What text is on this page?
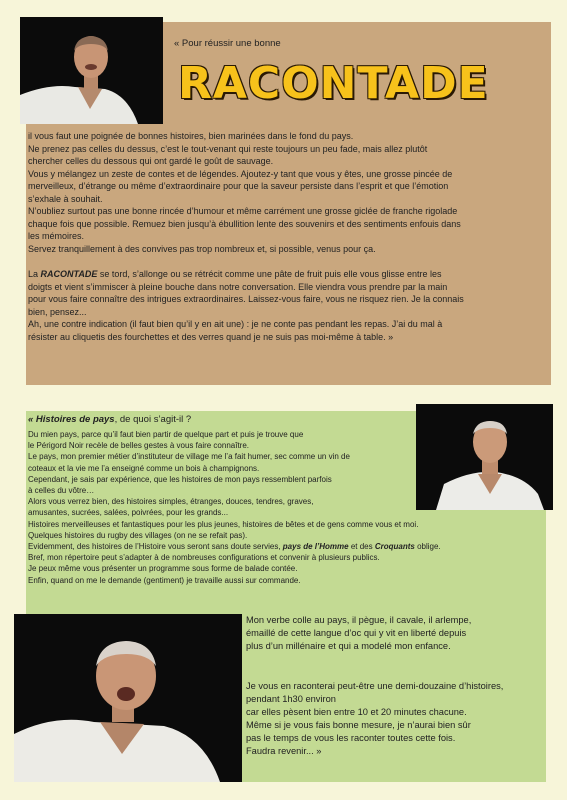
« Pour réussir une bonne
RACONTADE
il vous faut une poignée de bonnes histoires, bien marinées dans le fond du pays.
Ne prenez pas celles du dessus, c’est le tout-venant qui reste toujours un peu fade, mais allez plutôt
chercher celles du dessous qui ont gardé le goût de sauvage.
Vous y mélangez un zeste de contes et de légendes. Ajoutez-y tant que vous y êtes, une grosse pincée de
merveilleux, d’étrange ou même d’extraordinaire pour que la saveur persiste dans l’esprit et que l’émotion
s’exhale à souhait.
N’oubliez surtout pas une bonne rincée d’humour et même carrément une grosse giclée de franche rigolade
chaque fois que possible. Remuez bien jusqu’à ébullition lente des souvenirs et des sentiments enfouis dans
les mémoires.
Servez tranquillement à des convives pas trop nombreux et, si possible, venus pour ça.
La RACONTADE se tord, s’allonge ou se rétrécit comme une pâte de fruit puis elle vous glisse entre les
doigts et vient s’immiscer à pleine bouche dans notre conversation. Elle viendra vous prendre par la main
pour vous faire connaître des intrigues extraordinaires. Laissez-vous faire, vous ne risquez rien. Je la connais
bien, pensez...
Ah, une contre indication (il faut bien qu’il y en ait une) : je ne conte pas pendant les repas. J’ai du mal à
résister au cliquetis des fourchettes et des verres quand je ne suis pas moi-même à table. »
« Histoires de pays, de quoi s’agit-il ?
Du mien pays, parce qu’il faut bien partir de quelque part et puis je trouve que
le Périgord Noir recèle de belles gestes à vous faire connaître.
Le pays, mon premier métier d’instituteur de village me l’a fait humer, sec comme un vin de
coteaux et la vie me l’a enseigné comme un bois à champignons.
Cependant, je sais par expérience, que les histoires de mon pays ressemblent parfois
à celles du vôtre…
Alors vous verrez bien, des histoires simples, étranges, douces, tendres, graves,
amusantes, sucrées, salées, poivrées, pour les grands...
Histoires merveilleuses et fantastiques pour les plus jeunes, histoires de bêtes et de gens comme vous et moi.
Quelques histoires du rugby des villages (on ne se refait pas).
Evidemment, des histoires de l’Histoire vous seront sans doute servies, pays de l’Homme et des Croquants oblige.
Bref, mon répertoire peut s’adapter à de nombreuses configurations et convenir à plusieurs publics.
Je peux même vous présenter un programme sous forme de balade contée.
Enfin, quand on me le demande (gentiment) je travaille aussi sur commande.
Mon verbe colle au pays, il pègue, il cavale, il arlempe,
émaillé de cette langue d’oc qui y vit en liberté depuis
plus d’un millénaire et qui a modelé mon enfance.
Je vous en raconterai peut-être une demi-douzaine d’histoires,
pendant 1h30 environ
car elles pèsent bien entre 10 et 20 minutes chacune.
Même si je vous fais bonne mesure, je n’aurai bien sûr
pas le temps de vous les raconter toutes cette fois.
Faudra revenir... »
